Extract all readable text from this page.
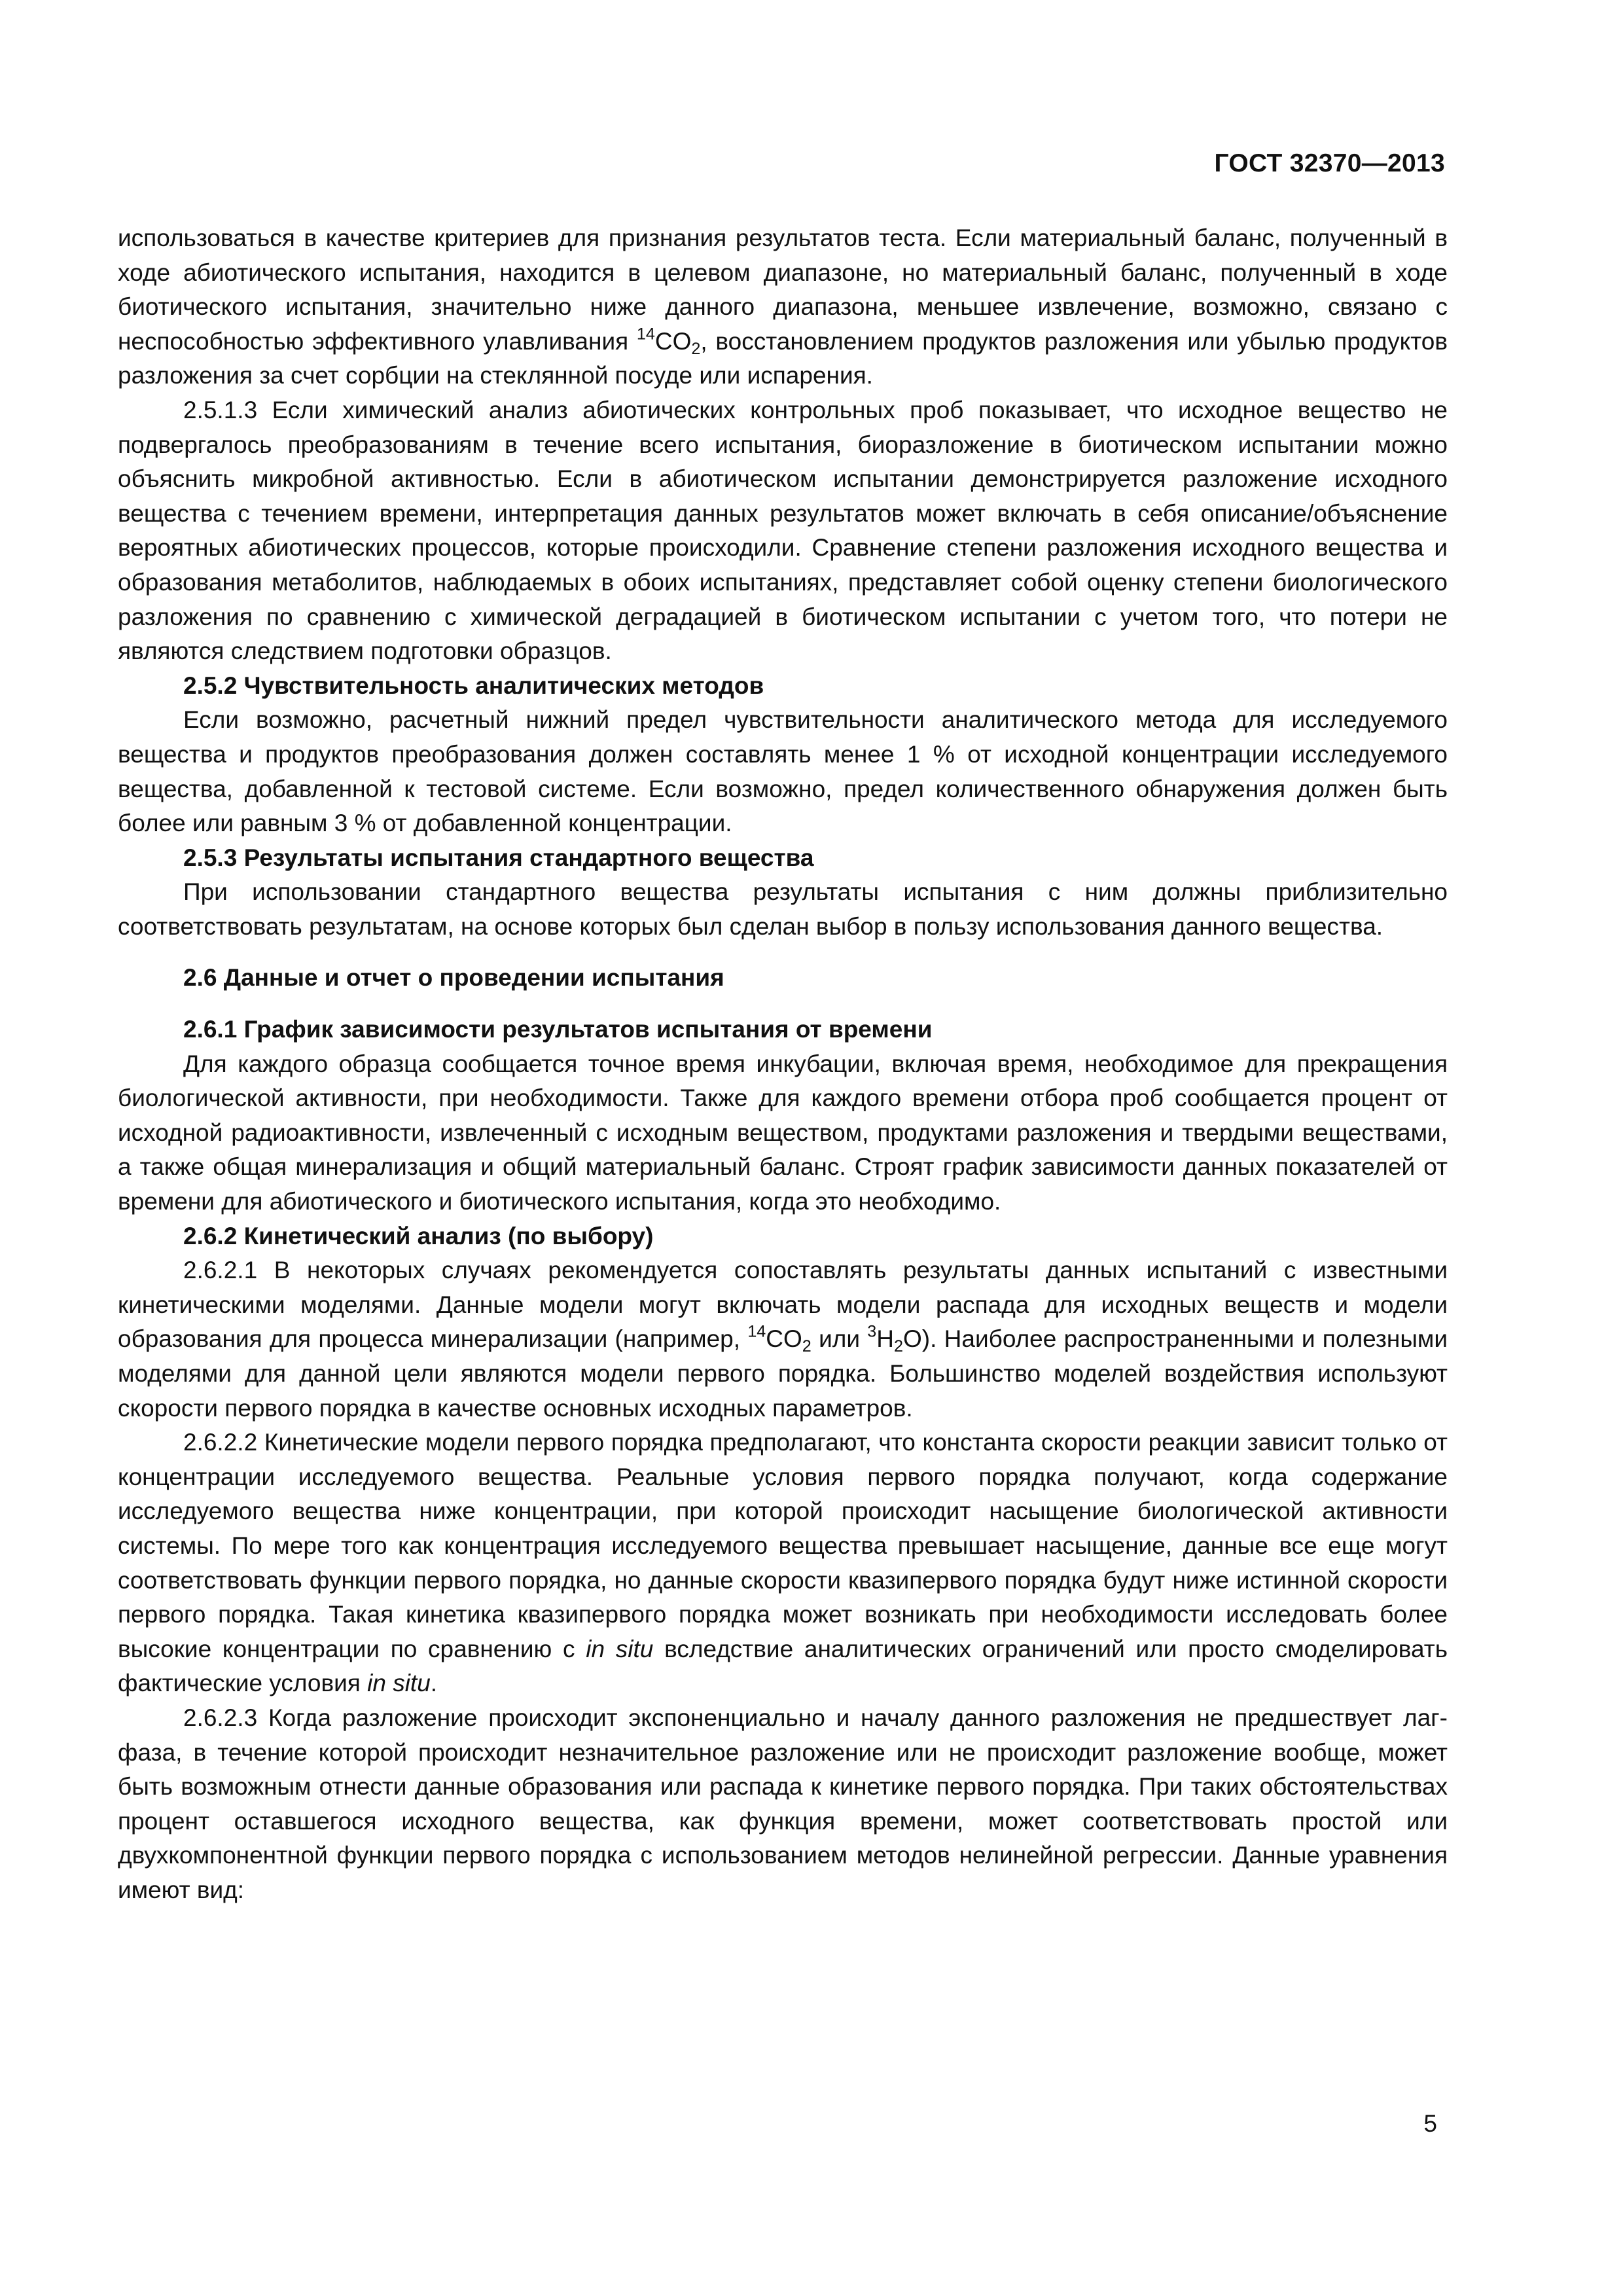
ГОСТ 32370—2013

использоваться в качестве критериев для признания результатов теста. Если материальный баланс, полученный в ходе абиотического испытания, находится в целевом диапазоне, но материальный баланс, полученный в ходе биотического испытания, значительно ниже данного диапазона, меньшее извлечение, возможно, связано с неспособностью эффективного улавливания $^{14}CO_2$, восстановлением продуктов разложения или убылью продуктов разложения за счет сорбции на стеклянной посуде или испарения.

2.5.1.3 Если химический анализ абиотических контрольных проб показывает, что исходное вещество не подвергалось преобразованиям в течение всего испытания, биоразложение в биотическом испытании можно объяснить микробной активностью. Если в абиотическом испытании демонстрируется разложение исходного вещества с течением времени, интерпретация данных результатов может включать в себя описание/объяснение вероятных абиотических процессов, которые происходили. Сравнение степени разложения исходного вещества и образования метаболитов, наблюдаемых в обоих испытаниях, представляет собой оценку степени биологического разложения по сравнению с химической деградацией в биотическом испытании с учетом того, что потери не являются следствием подготовки образцов.

2.5.2 Чувствительность аналитических методов

Если возможно, расчетный нижний предел чувствительности аналитического метода для исследуемого вещества и продуктов преобразования должен составлять менее 1 % от исходной концентрации исследуемого вещества, добавленной к тестовой системе. Если возможно, предел количественного обнаружения должен быть более или равным 3 % от добавленной концентрации.

2.5.3 Результаты испытания стандартного вещества

При использовании стандартного вещества результаты испытания с ним должны приблизительно соответствовать результатам, на основе которых был сделан выбор в пользу использования данного вещества.

2.6 Данные и отчет о проведении испытания

2.6.1 График зависимости результатов испытания от времени

Для каждого образца сообщается точное время инкубации, включая время, необходимое для прекращения биологической активности, при необходимости. Также для каждого времени отбора проб сообщается процент от исходной радиоактивности, извлеченный с исходным веществом, продуктами разложения и твердыми веществами, а также общая минерализация и общий материальный баланс. Строят график зависимости данных показателей от времени для абиотического и биотического испытания, когда это необходимо.

2.6.2 Кинетический анализ (по выбору)

2.6.2.1 В некоторых случаях рекомендуется сопоставлять результаты данных испытаний с известными кинетическими моделями. Данные модели могут включать модели распада для исходных веществ и модели образования для процесса минерализации (например, $^{14}CO_2$ или $^3H_2O$). Наиболее распространенными и полезными моделями для данной цели являются модели первого порядка. Большинство моделей воздействия используют скорости первого порядка в качестве основных исходных параметров.

2.6.2.2 Кинетические модели первого порядка предполагают, что константа скорости реакции зависит только от концентрации исследуемого вещества. Реальные условия первого порядка получают, когда содержание исследуемого вещества ниже концентрации, при которой происходит насыщение биологической активности системы. По мере того как концентрация исследуемого вещества превышает насыщение, данные все еще могут соответствовать функции первого порядка, но данные скорости квазипервого порядка будут ниже истинной скорости первого порядка. Такая кинетика квазипервого порядка может возникать при необходимости исследовать более высокие концентрации по сравнению с in situ вследствие аналитических ограничений или просто смоделировать фактические условия in situ.

2.6.2.3 Когда разложение происходит экспоненциально и началу данного разложения не предшествует лаг-фаза, в течение которой происходит незначительное разложение или не происходит разложение вообще, может быть возможным отнести данные образования или распада к кинетике первого порядка. При таких обстоятельствах процент оставшегося исходного вещества, как функция времени, может соответствовать простой или двухкомпонентной функции первого порядка с использованием методов нелинейной регрессии. Данные уравнения имеют вид:

5
